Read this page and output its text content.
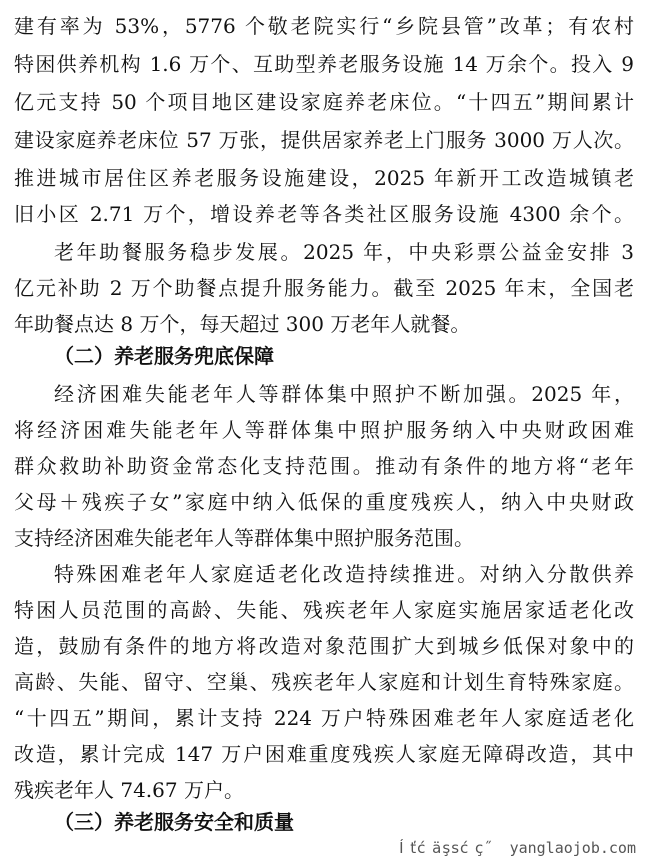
建有率为 53%，5776 个敬老院实行“乡院县管”改革；有农村
特困供养机构 1.6 万个、互助型养老服务设施 14 万余个。投入 9
亿元支持 50 个项目地区建设家庭养老床位。“十四五”期间累计
建设家庭养老床位 57 万张，提供居家养老上门服务 3000 万人次。
推进城市居住区养老服务设施建设，2025 年新开工改造城镇老
旧小区 2.71 万个，增设养老等各类社区服务设施 4300 余个。
老年助餐服务稳步发展。2025 年，中央彩票公益金安排 3
亿元补助 2 万个助餐点提升服务能力。截至 2025 年末，全国老
年助餐点达 8 万个，每天超过 300 万老年人就餐。
（二）养老服务兜底保障
经济困难失能老年人等群体集中照护不断加强。2025 年，
将经济困难失能老年人等群体集中照护服务纳入中央财政困难
群众救助补助资金常态化支持范围。推动有条件的地方将“老年
父母＋残疾子女”家庭中纳入低保的重度残疾人，纳入中央财政
支持经济困难失能老年人等群体集中照护服务范围。
特殊困难老年人家庭适老化改造持续推进。对纳入分散供养
特困人员范围的高龄、失能、残疾老年人家庭实施居家适老化改
造，鼓励有条件的地方将改造对象范围扩大到城乡低保对象中的
高龄、失能、留守、空巢、残疾老年人家庭和计划生育特殊家庭。
“十四五”期间，累计支持 224 万户特殊困难老年人家庭适老化
改造，累计完成 147 万户困难重度残疾人家庭无障碍改造，其中
残疾老年人 74.67 万户。
（三）养老服务安全和质量
Í ťć äşsć ç˝ yanglaojob.com
